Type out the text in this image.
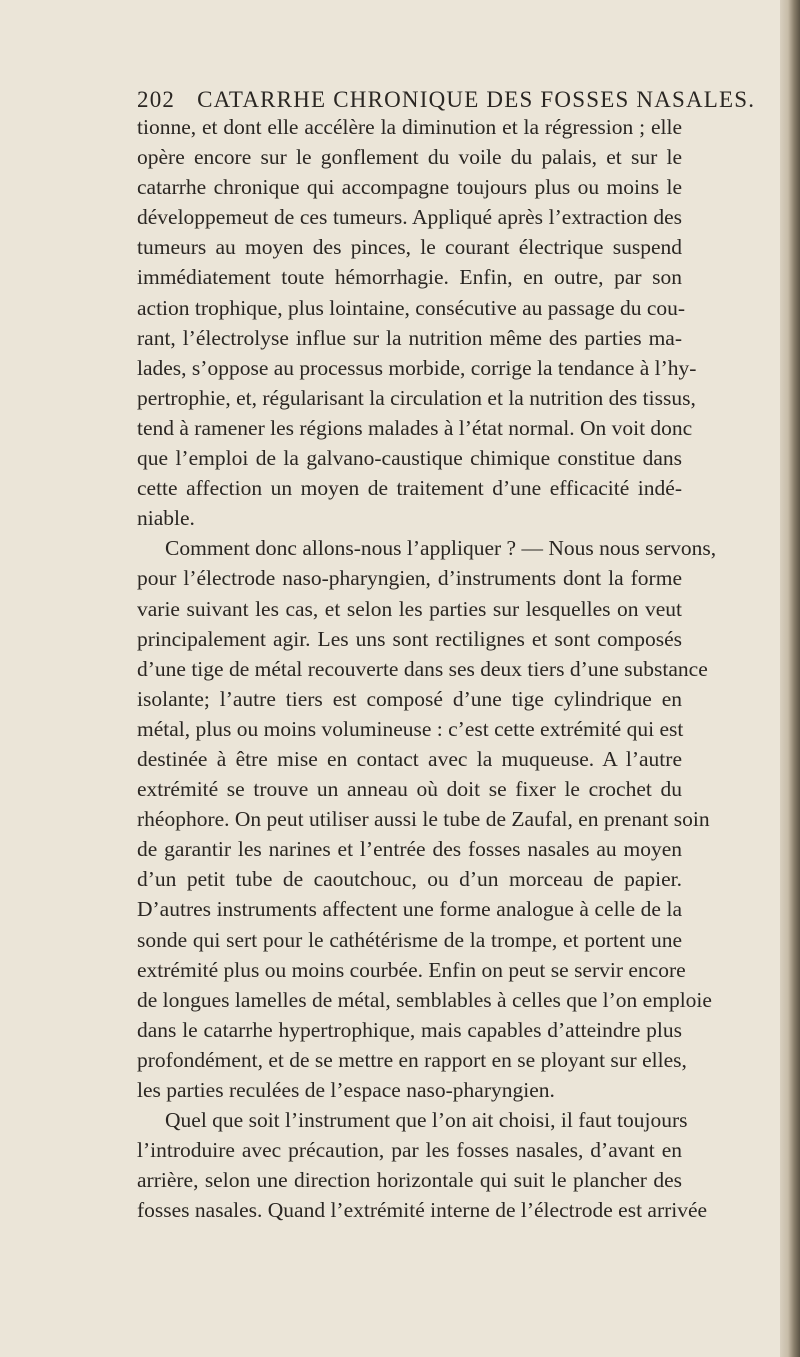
202 CATARRHE CHRONIQUE DES FOSSES NASALES.
tionne, et dont elle accélère la diminution et la régression ; elle
opère encore sur le gonflement du voile du palais, et sur le
catarrhe chronique qui accompagne toujours plus ou moins le
développemeut de ces tumeurs. Appliqué après l’extraction des
tumeurs au moyen des pinces, le courant électrique suspend
immédiatement toute hémorrhagie. Enfin, en outre, par son
action trophique, plus lointaine, consécutive au passage du cou-
rant, l’électrolyse influe sur la nutrition même des parties ma-
lades, s’oppose au processus morbide, corrige la tendance à l’hy-
pertrophie, et, régularisant la circulation et la nutrition des tissus,
tend à ramener les régions malades à l’état normal. On voit donc
que l’emploi de la galvano-caustique chimique constitue dans
cette affection un moyen de traitement d’une efficacité indé-
niable.
Comment donc allons-nous l’appliquer ? — Nous nous servons,
pour l’électrode naso-pharyngien, d’instruments dont la forme
varie suivant les cas, et selon les parties sur lesquelles on veut
principalement agir. Les uns sont rectilignes et sont composés
d’une tige de métal recouverte dans ses deux tiers d’une substance
isolante; l’autre tiers est composé d’une tige cylindrique en
métal, plus ou moins volumineuse : c’est cette extrémité qui est
destinée à être mise en contact avec la muqueuse. A l’autre
extrémité se trouve un anneau où doit se fixer le crochet du
rhéophore. On peut utiliser aussi le tube de Zaufal, en prenant soin
de garantir les narines et l’entrée des fosses nasales au moyen
d’un petit tube de caoutchouc, ou d’un morceau de papier.
D’autres instruments affectent une forme analogue à celle de la
sonde qui sert pour le cathétérisme de la trompe, et portent une
extrémité plus ou moins courbée. Enfin on peut se servir encore
de longues lamelles de métal, semblables à celles que l’on emploie
dans le catarrhe hypertrophique, mais capables d’atteindre plus
profondément, et de se mettre en rapport en se ployant sur elles,
les parties reculées de l’espace naso-pharyngien.
Quel que soit l’instrument que l’on ait choisi, il faut toujours
l’introduire avec précaution, par les fosses nasales, d’avant en
arrière, selon une direction horizontale qui suit le plancher des
fosses nasales. Quand l’extrémité interne de l’électrode est arrivée
